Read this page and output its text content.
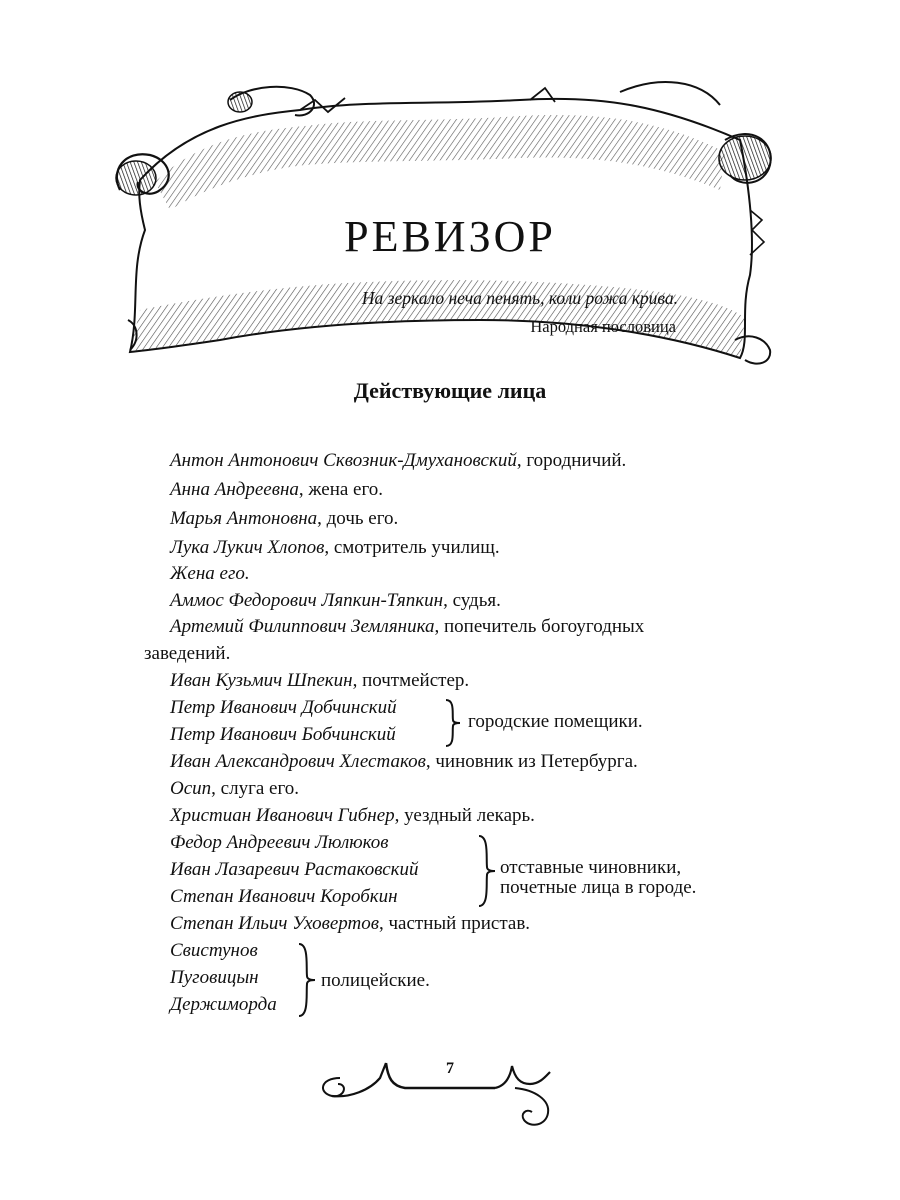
РЕВИЗОР
На зеркало неча пенять, коли рожа крива.
Народная пословица
Действующие лица
Антон Антонович Сквозник-Дмухановский, городничий.
Анна Андреевна, жена его.
Марья Антоновна, дочь его.
Лука Лукич Хлопов, смотритель училищ.
Жена его.
Аммос Федорович Ляпкин-Тяпкин, судья.
Артемий Филиппович Земляника, попечитель богоугодных
заведений.
Иван Кузьмич Шпекин, почтмейстер.
Петр Иванович Добчинский
Петр Иванович Бобчинский
городские помещики.
Иван Александрович Хлестаков, чиновник из Петербурга.
Осип, слуга его.
Христиан Иванович Гибнер, уездный лекарь.
Федор Андреевич Люлюков
Иван Лазаревич Растаковский
Степан Иванович Коробкин
отставные чиновники,
почетные лица в городе.
Степан Ильич Уховертов, частный пристав.
Свистунов
Пуговицын
Держиморда
полицейские.
7
